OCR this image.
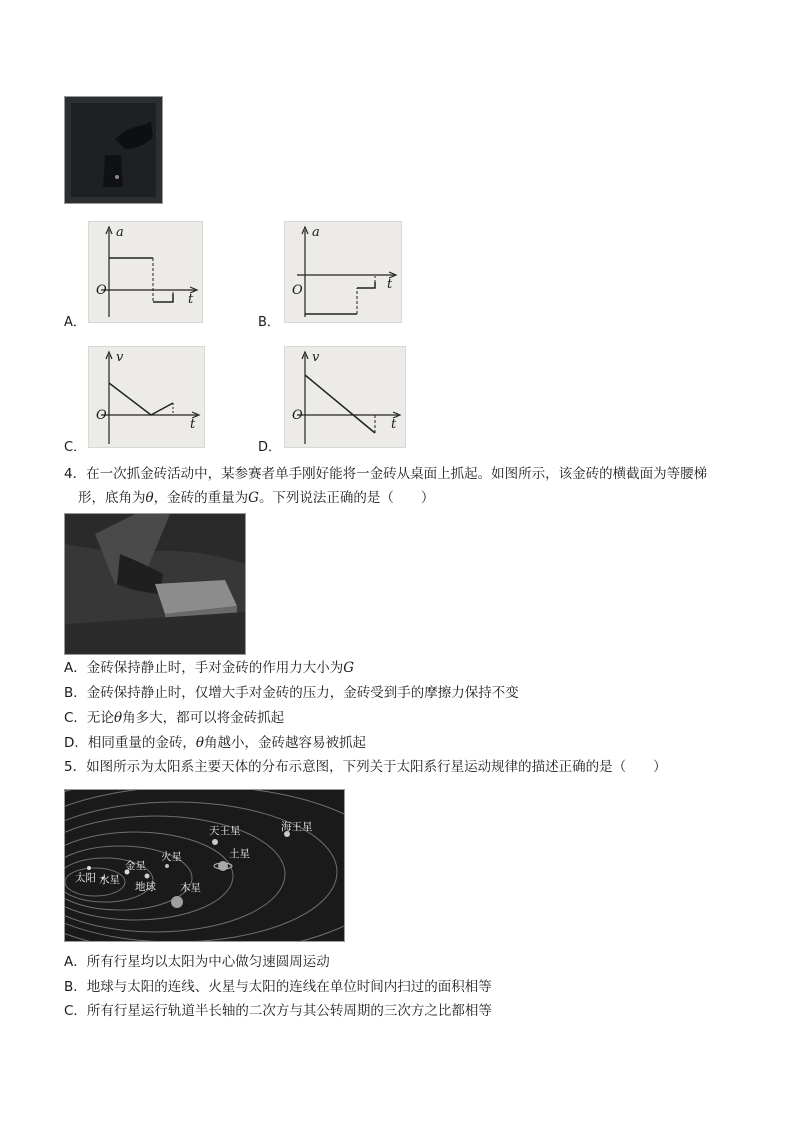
a
O
t
A．
a
O	t
B．
v
O
t
C．
v
O
t
D．
4．在一次抓金砖活动中，某参赛者单手刚好能将一金砖从桌面上抓起。如图所示，该金砖的横截面为等腰梯
形，底角为θ，金砖的重量为G。下列说法正确的是（　　）
A．金砖保持静止时，手对金砖的作用力大小为G
B．金砖保持静止时，仅增大手对金砖的压力，金砖受到手的摩擦力保持不变
C．无论θ角多大，都可以将金砖抓起
D．相同重量的金砖，θ角越小，金砖越容易被抓起
5．如图所示为太阳系主要天体的分布示意图，下列关于太阳系行星运动规律的描述正确的是（　　）
太阳 水星
金星
地球
火星
木星
土星
天王星	海王星
A．所有行星均以太阳为中心做匀速圆周运动
B．地球与太阳的连线、火星与太阳的连线在单位时间内扫过的面积相等
C．所有行星运行轨道半长轴的二次方与其公转周期的三次方之比都相等
